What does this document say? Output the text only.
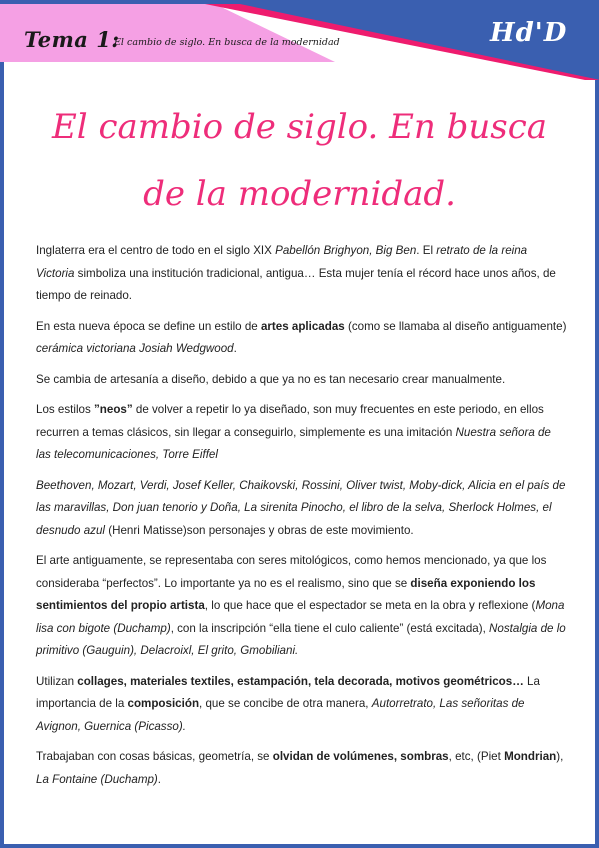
Tema 1:
El cambio de siglo. En busca de la modernidad	Hd'D
El cambio de siglo. En busca de la modernidad.

Inglaterra era el centro de todo en el siglo XIX Pabellón Brighyon, Big Ben. El retrato de la reina Victoria simboliza una institución tradicional, antigua… Esta mujer tenía el récord hace unos años, de tiempo de reinado.

En esta nueva época se define un estilo de artes aplicadas (como se llamaba al diseño antiguamente) cerámica victoriana Josiah Wedgwood.

Se cambia de artesanía a diseño, debido a que ya no es tan necesario crear manualmente.

Los estilos ”neos” de volver a repetir lo ya diseñado, son muy frecuentes en este periodo, en ellos recurren a temas clásicos, sin llegar a conseguirlo, simplemente es una imitación Nuestra señora de las telecomunicaciones, Torre Eiffel

Beethoven, Mozart, Verdi, Josef Keller, Chaikovski, Rossini, Oliver twist, Moby-dick, Alicia en el país de las maravillas, Don juan tenorio y Doña, La sirenita Pinocho, el libro de la selva, Sherlock Holmes, el desnudo azul (Henri Matisse)son personajes y obras de este movimiento.

El arte antiguamente, se representaba con seres mitológicos, como hemos mencionado, ya que los consideraba “perfectos”. Lo importante ya no es el realismo, sino que se diseña exponiendo los sentimientos del propio artista, lo que hace que el espectador se meta en la obra y reflexione (Mona lisa con bigote (Duchamp), con la inscripción “ella tiene el culo caliente” (está excitada), Nostalgia de lo primitivo (Gauguin), Delacroixl, El grito, Gmobiliani.

Utilizan collages, materiales textiles, estampación, tela decorada, motivos geométricos… La importancia de la composición, que se concibe de otra manera, Autorretrato, Las señoritas de Avignon, Guernica (Picasso).

Trabajaban con cosas básicas, geometría, se olvidan de volúmenes, sombras, etc, (Piet Mondrian), La Fontaine (Duchamp).
